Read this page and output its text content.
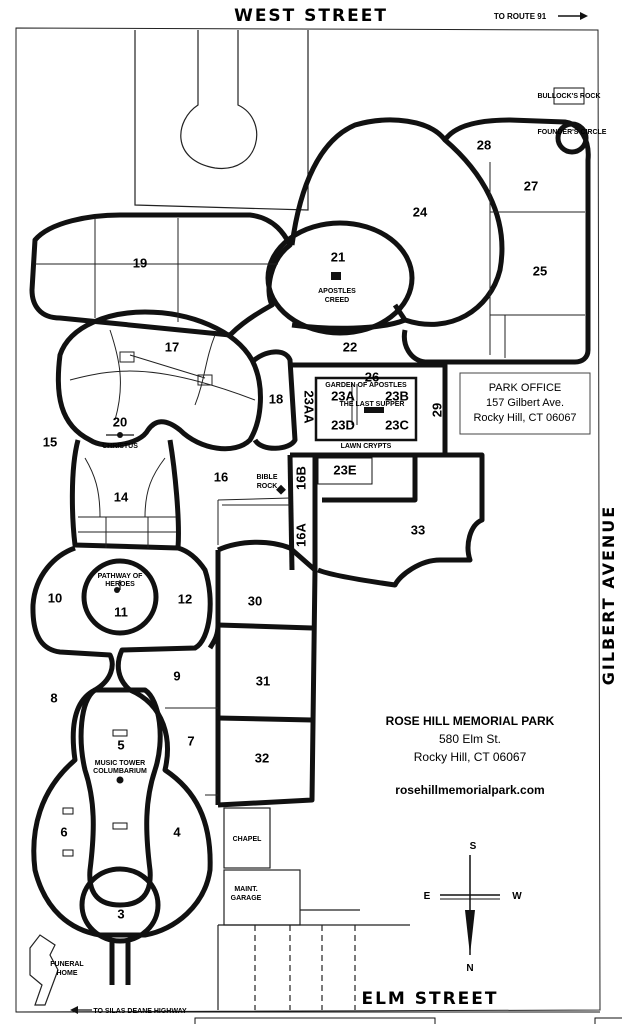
WEST STREET	TO ROUTE 91
19	21
24
27
28
25
17	22
18
26
23A 23B
23D 23C
23AA	29
20
15
16	16B
16A
23E
33
14
10
11
12	30
9	31
8
5	7
32
6	4
3
BULLOCK'S ROCK
FOUNDER'S CIRCLE
APOSTLES
CREED
GARDEN OF APOSTLES
THE LAST SUPPER
LAWN CRYPTS
CHRISTUS
BIBLE
ROCK
PATHWAY OF
HEROES
MUSIC TOWER
COLUMBARIUM
CHAPEL
MAINT.
GARAGE
FUNERAL
HOME
PARK OFFICE
157 Gilbert Ave.
Rocky Hill, CT 06067
ROSE HILL MEMORIAL PARK
580 Elm St.
Rocky Hill, CT 06067
rosehillmemorialpark.com
S
N
E	W
GILBERT AVENUE
ELM STREET
TO SILAS DEANE HIGHWAY
